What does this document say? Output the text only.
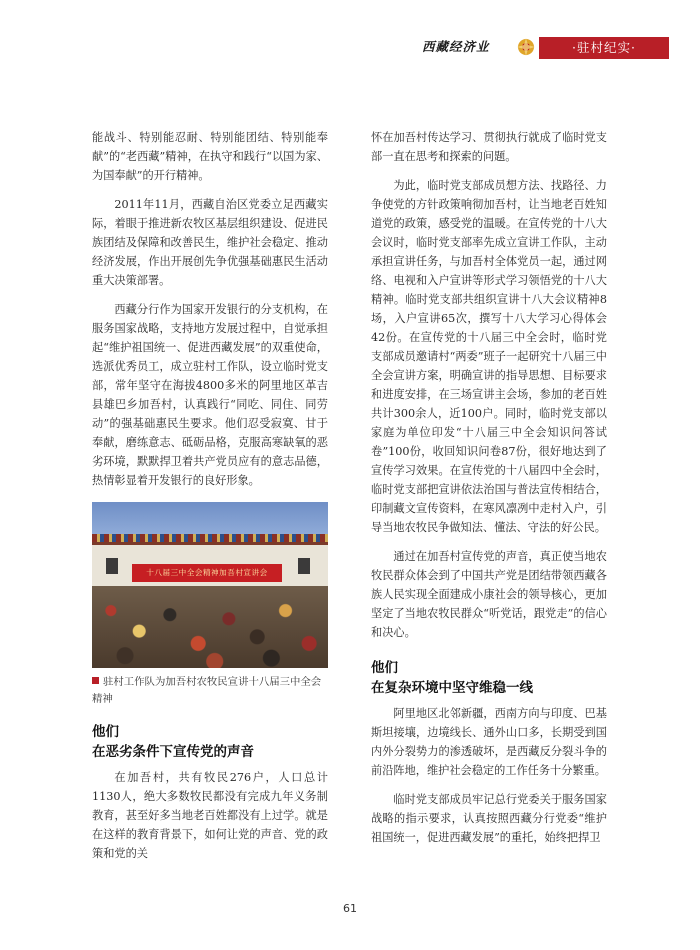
西藏经济业	·驻村纪实·

能战斗、特别能忍耐、特别能团结、特别能奉献”的“老西藏”精神，在执守和践行“以国为家、为国奉献”的开行精神。

2011年11月，西藏自治区党委立足西藏实际，着眼于推进新农牧区基层组织建设、促进民族团结及保障和改善民生，维护社会稳定、推动经济发展，作出开展创先争优强基础惠民生活动重大决策部署。

西藏分行作为国家开发银行的分支机构，在服务国家战略，支持地方发展过程中，自觉承担起“维护祖国统一、促进西藏发展”的双重使命，选派优秀员工，成立驻村工作队，设立临时党支部，常年坚守在海拔4800多米的阿里地区革吉县雄巴乡加吾村，认真践行“同吃、同住、同劳动”的强基础惠民生要求。他们忍受寂寞、甘于奉献，磨练意志、砥砺品格，克服高寒缺氧的恶劣环境，默默捍卫着共产党员应有的意志品德，热情彰显着开发银行的良好形象。

十八届三中全会精神加吾村宣讲会
驻村工作队为加吾村农牧民宣讲十八届三中全会精神
他们
在恶劣条件下宣传党的声音

在加吾村，共有牧民276户，人口总计1130人，绝大多数牧民都没有完成九年义务制教育，甚至好多当地老百姓都没有上过学。就是在这样的教育背景下，如何让党的声音、党的政策和党的关

怀在加吾村传达学习、贯彻执行就成了临时党支部一直在思考和探索的问题。

为此，临时党支部成员想方法、找路径、力争使党的方针政策响彻加吾村，让当地老百姓知道党的政策，感受党的温暖。在宣传党的十八大会议时，临时党支部率先成立宣讲工作队，主动承担宣讲任务，与加吾村全体党员一起，通过网络、电视和入户宣讲等形式学习领悟党的十八大精神。临时党支部共组织宣讲十八大会议精神8场，入户宣讲65次，撰写十八大学习心得体会42份。在宣传党的十八届三中全会时，临时党支部成员邀请村“两委”班子一起研究十八届三中全会宣讲方案，明确宣讲的指导思想、目标要求和进度安排，在三场宣讲主会场，参加的老百姓共计300余人，近100户。同时，临时党支部以家庭为单位印发“十八届三中全会知识问答试卷”100份，收回知识问卷87份，很好地达到了宣传学习效果。在宣传党的十八届四中全会时，临时党支部把宣讲依法治国与普法宣传相结合，印制藏文宣传资料，在寒风凛冽中走村入户，引导当地农牧民争做知法、懂法、守法的好公民。

通过在加吾村宣传党的声音，真正使当地农牧民群众体会到了中国共产党是团结带领西藏各族人民实现全面建成小康社会的领导核心，更加坚定了当地农牧民群众“听党话，跟党走”的信心和决心。

他们
在复杂环境中坚守维稳一线

阿里地区北邻新疆，西南方向与印度、巴基斯坦接壤，边境线长、通外山口多，长期受到国内外分裂势力的渗透破坏，是西藏反分裂斗争的前沿阵地，维护社会稳定的工作任务十分繁重。

临时党支部成员牢记总行党委关于服务国家战略的指示要求，认真按照西藏分行党委“维护祖国统一，促进西藏发展”的重托，始终把捍卫

61
